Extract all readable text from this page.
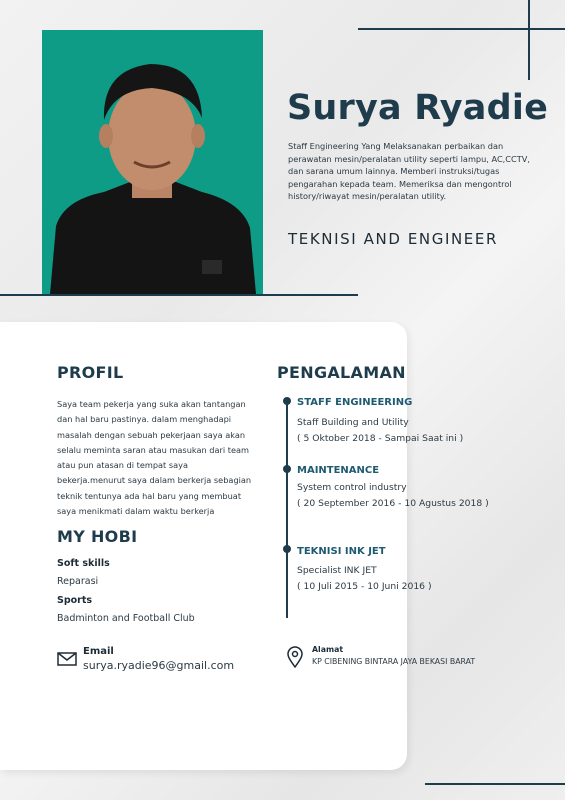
Surya Ryadie
Staff Engineering Yang Melaksanakan perbaikan dan perawatan mesin/peralatan utility seperti lampu, AC,CCTV, dan sarana umum lainnya. Memberi instruksi/tugas pengarahan kepada team. Memeriksa dan mengontrol history/riwayat mesin/peralatan utility.
TEKNISI AND ENGINEER
PROFIL
Saya team pekerja yang suka akan tantangan dan hal baru pastinya. dalam menghadapi masalah dengan sebuah pekerjaan saya akan selalu meminta saran atau masukan dari team atau pun atasan di tempat saya bekerja.menurut saya dalam berkerja sebagian teknik tentunya ada hal baru yang membuat saya menikmati dalam waktu berkerja
MY HOBI
Soft skills
Reparasi
Sports
Badminton and Football Club
Email
surya.ryadie96@gmail.com
PENGALAMAN
STAFF ENGINEERING
Staff Building and Utility
( 5 Oktober 2018 - Sampai Saat ini )
MAINTENANCE
System control industry
( 20 September 2016 - 10 Agustus 2018 )
TEKNISI INK JET
Specialist INK JET
( 10 Juli 2015 - 10 Juni 2016 )
Alamat
KP CIBENING BINTARA JAYA BEKASI BARAT
